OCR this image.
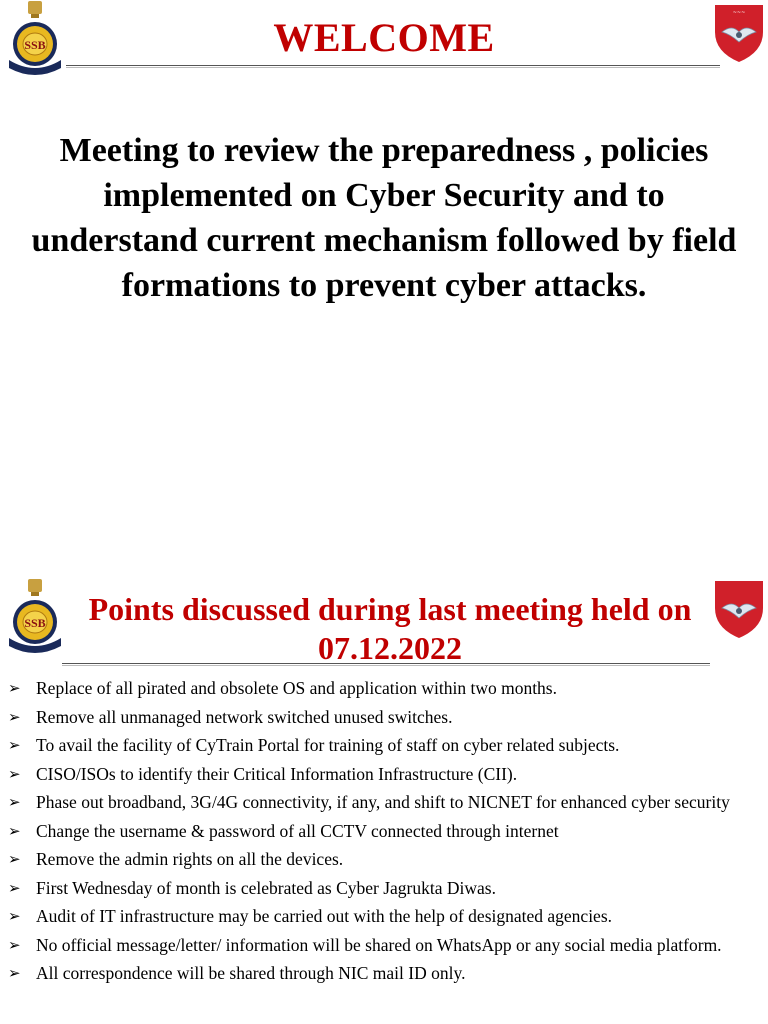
SSB
~~~
WELCOME
Meeting to review the preparedness , policies implemented on Cyber Security and to understand current mechanism followed by field formations to prevent cyber attacks.
SSB	Points discussed during last meeting held on
07.12.2022
➢ Replace of all pirated and obsolete OS and application within two months.
➢ Remove all unmanaged network switched unused switches.
➢ To avail the facility of CyTrain Portal for training of staff on cyber related subjects.
➢ CISO/ISOs to identify their Critical Information Infrastructure (CII).
➢ Phase out broadband, 3G/4G connectivity, if any, and shift to NICNET for enhanced cyber security
➢ Change the username & password of all CCTV connected through internet
➢ Remove the admin rights on all the devices.
➢ First Wednesday of month is celebrated as Cyber Jagrukta Diwas.
➢ Audit of IT infrastructure may be carried out with the help of designated agencies.
➢ No official message/letter/ information will be shared on WhatsApp or any social media platform.
➢ All correspondence will be shared through NIC mail ID only.
